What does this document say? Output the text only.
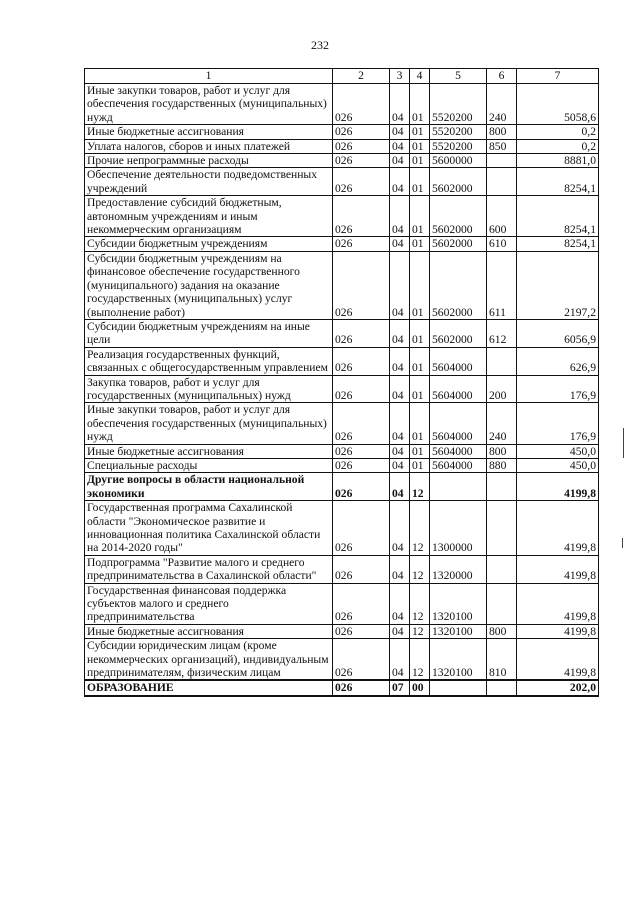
232
1	2	3	4	5	6	7
Иные закупки товаров, работ и услуг для обеспечения государственных (муниципальных) нужд	026	04	01	5520200	240	5058,6
Иные бюджетные ассигнования	026	04	01	5520200	800	0,2
Уплата налогов, сборов и иных платежей	026	04	01	5520200	850	0,2
Прочие непрограммные расходы	026	04	01	5600000		8881,0
Обеспечение деятельности подведомственных учреждений	026	04	01	5602000		8254,1
Предоставление субсидий бюджетным, автономным учреждениям и иным некоммерческим организациям	026	04	01	5602000	600	8254,1
Субсидии бюджетным учреждениям	026	04	01	5602000	610	8254,1
Субсидии бюджетным учреждениям на финансовое обеспечение государственного (муниципального) задания на оказание государственных (муниципальных) услуг (выполнение работ)	026	04	01	5602000	611	2197,2
Субсидии бюджетным учреждениям на иные цели	026	04	01	5602000	612	6056,9
Реализация государственных функций, связанных с общегосударственным управлением	026	04	01	5604000		626,9
Закупка товаров, работ и услуг для государственных (муниципальных) нужд	026	04	01	5604000	200	176,9
Иные закупки товаров, работ и услуг для обеспечения государственных (муниципальных) нужд	026	04	01	5604000	240	176,9
Иные бюджетные ассигнования	026	04	01	5604000	800	450,0
Специальные расходы	026	04	01	5604000	880	450,0
Другие вопросы в области национальной экономики	026	04	12			4199,8
Государственная программа Сахалинской области "Экономическое развитие и инновационная политика Сахалинской области на 2014-2020 годы"	026	04	12	1300000		4199,8
Подпрограмма "Развитие малого и среднего предпринимательства в Сахалинской области"	026	04	12	1320000		4199,8
Государственная финансовая поддержка субъектов малого и среднего предпринимательства	026	04	12	1320100		4199,8
Иные бюджетные ассигнования	026	04	12	1320100	800	4199,8
Субсидии юридическим лицам (кроме некоммерческих организаций), индивидуальным предпринимателям, физическим лицам	026	04	12	1320100	810	4199,8
ОБРАЗОВАНИЕ	026	07	00			202,0
